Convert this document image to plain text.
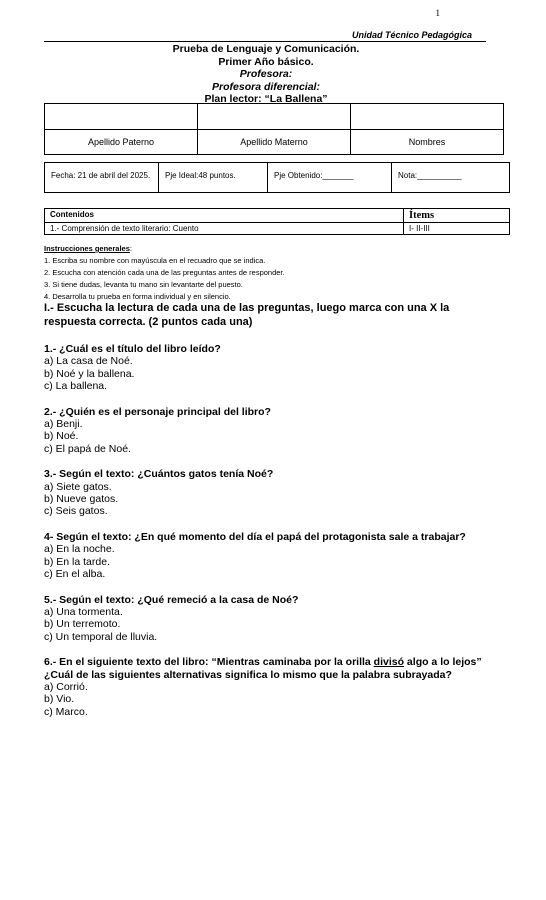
1
Unidad Técnico Pedagógica
Prueba de Lenguaje y Comunicación.
Primer Año básico.
Profesora:
Profesora diferencial:
Plan lector: “La Ballena”

Apellido Paterno	Apellido Materno	Nombres
Fecha: 21 de abril del 2025.	Pje Ideal:48 puntos.	Pje Obtenido:_______	Nota:__________
Contenidos	Ítems
1.- Comprensión de texto literario: Cuento	I- II-III
Instrucciones generales:
1. Escriba su nombre con mayúscula en el recuadro que se indica.
2. Escucha con atención cada una de las preguntas antes de responder.
3. Si tiene dudas, levanta tu mano sin levantarte del puesto.
4. Desarrolla tu prueba en forma individual y en silencio.
I.- Escucha la lectura de cada una de las preguntas, luego marca con una X la respuesta correcta. (2 puntos cada una)
1.- ¿Cuál es el título del libro leído?
a) La casa de Noé.
b) Noé y la ballena.
c) La ballena.
2.- ¿Quién es el personaje principal del libro?
a) Benji.
b) Noé.
c) El papá de Noé.
3.- Según el texto: ¿Cuántos gatos tenía Noé?
a) Siete gatos.
b) Nueve gatos.
c) Seis gatos.
4- Según el texto: ¿En qué momento del día el papá del protagonista sale a trabajar?
a) En la noche.
b) En la tarde.
c) En el alba.
5.- Según el texto: ¿Qué remeció a la casa de Noé?
a) Una tormenta.
b) Un terremoto.
c) Un temporal de lluvia.
6.- En el siguiente texto del libro: “Mientras caminaba por la orilla divisó algo a lo lejos”
¿Cuál de las siguientes alternativas significa lo mismo que la palabra subrayada?
a) Corrió.
b) Vio.
c) Marco.
